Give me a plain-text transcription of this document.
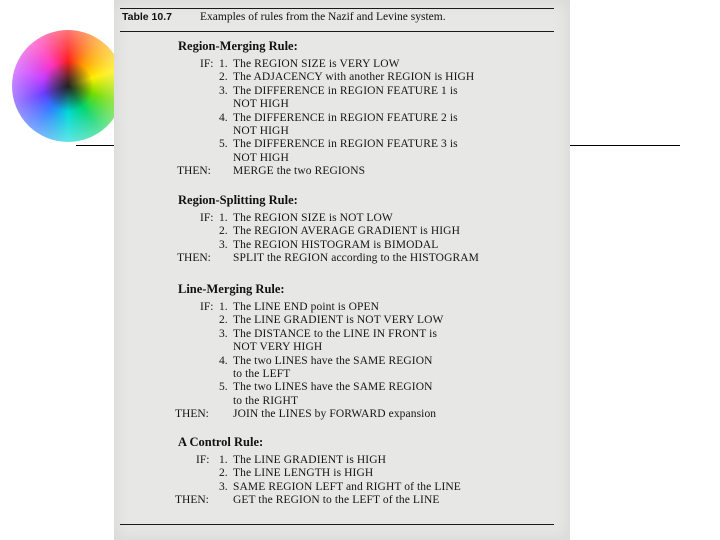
Table 10.7 Examples of rules from the Nazif and Levine system.
Region-Merging Rule:
IF: 1. The REGION SIZE is VERY LOW
2. The ADJACENCY with another REGION is HIGH
3. The DIFFERENCE in REGION FEATURE 1 is
NOT HIGH
4. The DIFFERENCE in REGION FEATURE 2 is
NOT HIGH
5. The DIFFERENCE in REGION FEATURE 3 is
NOT HIGH
THEN: MERGE the two REGIONS
Region-Splitting Rule:
IF: 1. The REGION SIZE is NOT LOW
2. The REGION AVERAGE GRADIENT is HIGH
3. The REGION HISTOGRAM is BIMODAL
THEN: SPLIT the REGION according to the HISTOGRAM
Line-Merging Rule:
IF: 1. The LINE END point is OPEN
2. The LINE GRADIENT is NOT VERY LOW
3. The DISTANCE to the LINE IN FRONT is
NOT VERY HIGH
4. The two LINES have the SAME REGION
to the LEFT
5. The two LINES have the SAME REGION
to the RIGHT
THEN: JOIN the LINES by FORWARD expansion
A Control Rule:
IF: 1. The LINE GRADIENT is HIGH
2. The LINE LENGTH is HIGH
3. SAME REGION LEFT and RIGHT of the LINE
THEN: GET the REGION to the LEFT of the LINE
